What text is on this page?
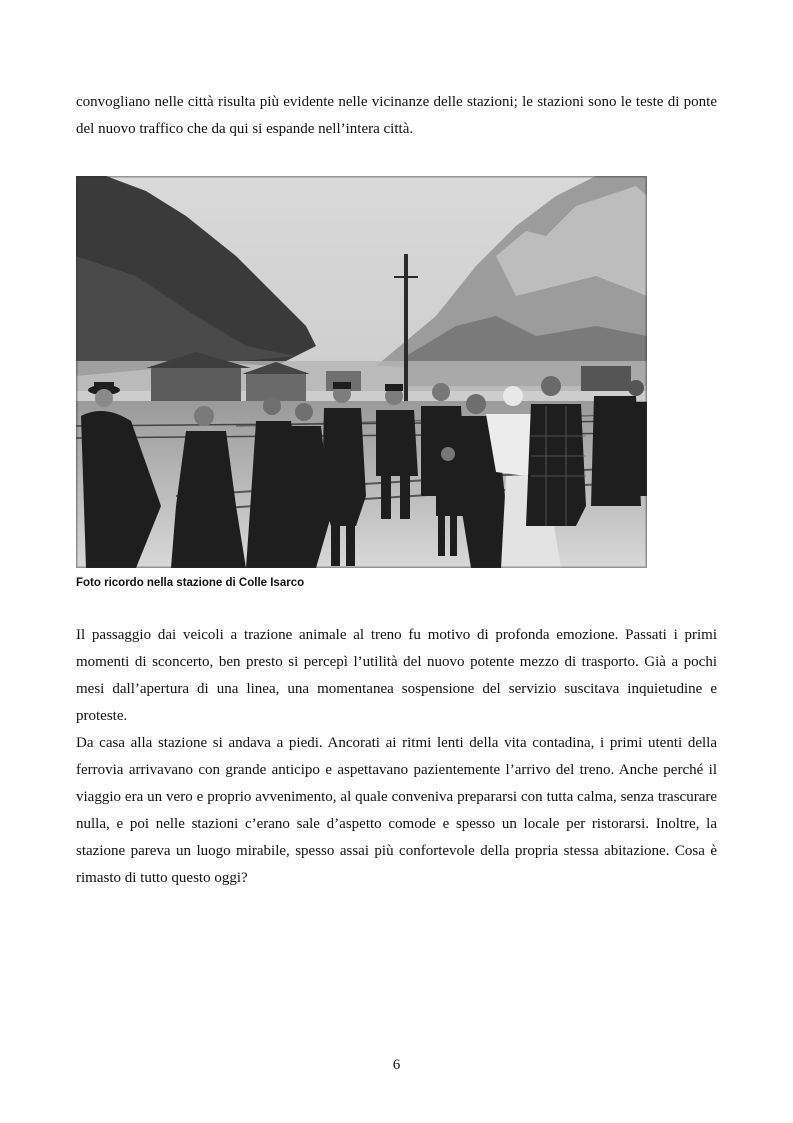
convogliano nelle città risulta più evidente nelle vicinanze delle stazioni; le stazioni sono le teste di ponte del nuovo traffico che da qui si espande nell’intera città.

Foto ricordo nella stazione di Colle Isarco

Il passaggio dai veicoli a trazione animale al treno fu motivo di profonda emozione. Passati i primi momenti di sconcerto, ben presto si percepì l’utilità del nuovo potente mezzo di trasporto. Già a pochi mesi dall’apertura di una linea, una momentanea sospensione del servizio suscitava inquietudine e proteste.

Da casa alla stazione si andava a piedi. Ancorati ai ritmi lenti della vita contadina, i primi utenti della ferrovia arrivavano con grande anticipo e aspettavano pazientemente l’arrivo del treno. Anche perché il viaggio era un vero e proprio avvenimento, al quale conveniva prepararsi con tutta calma, senza trascurare nulla, e poi nelle stazioni c’erano sale d’aspetto comode e spesso un locale per ristorarsi. Inoltre, la stazione pareva un luogo mirabile, spesso assai più confortevole della propria stessa abitazione. Cosa è rimasto di tutto questo oggi?

6
